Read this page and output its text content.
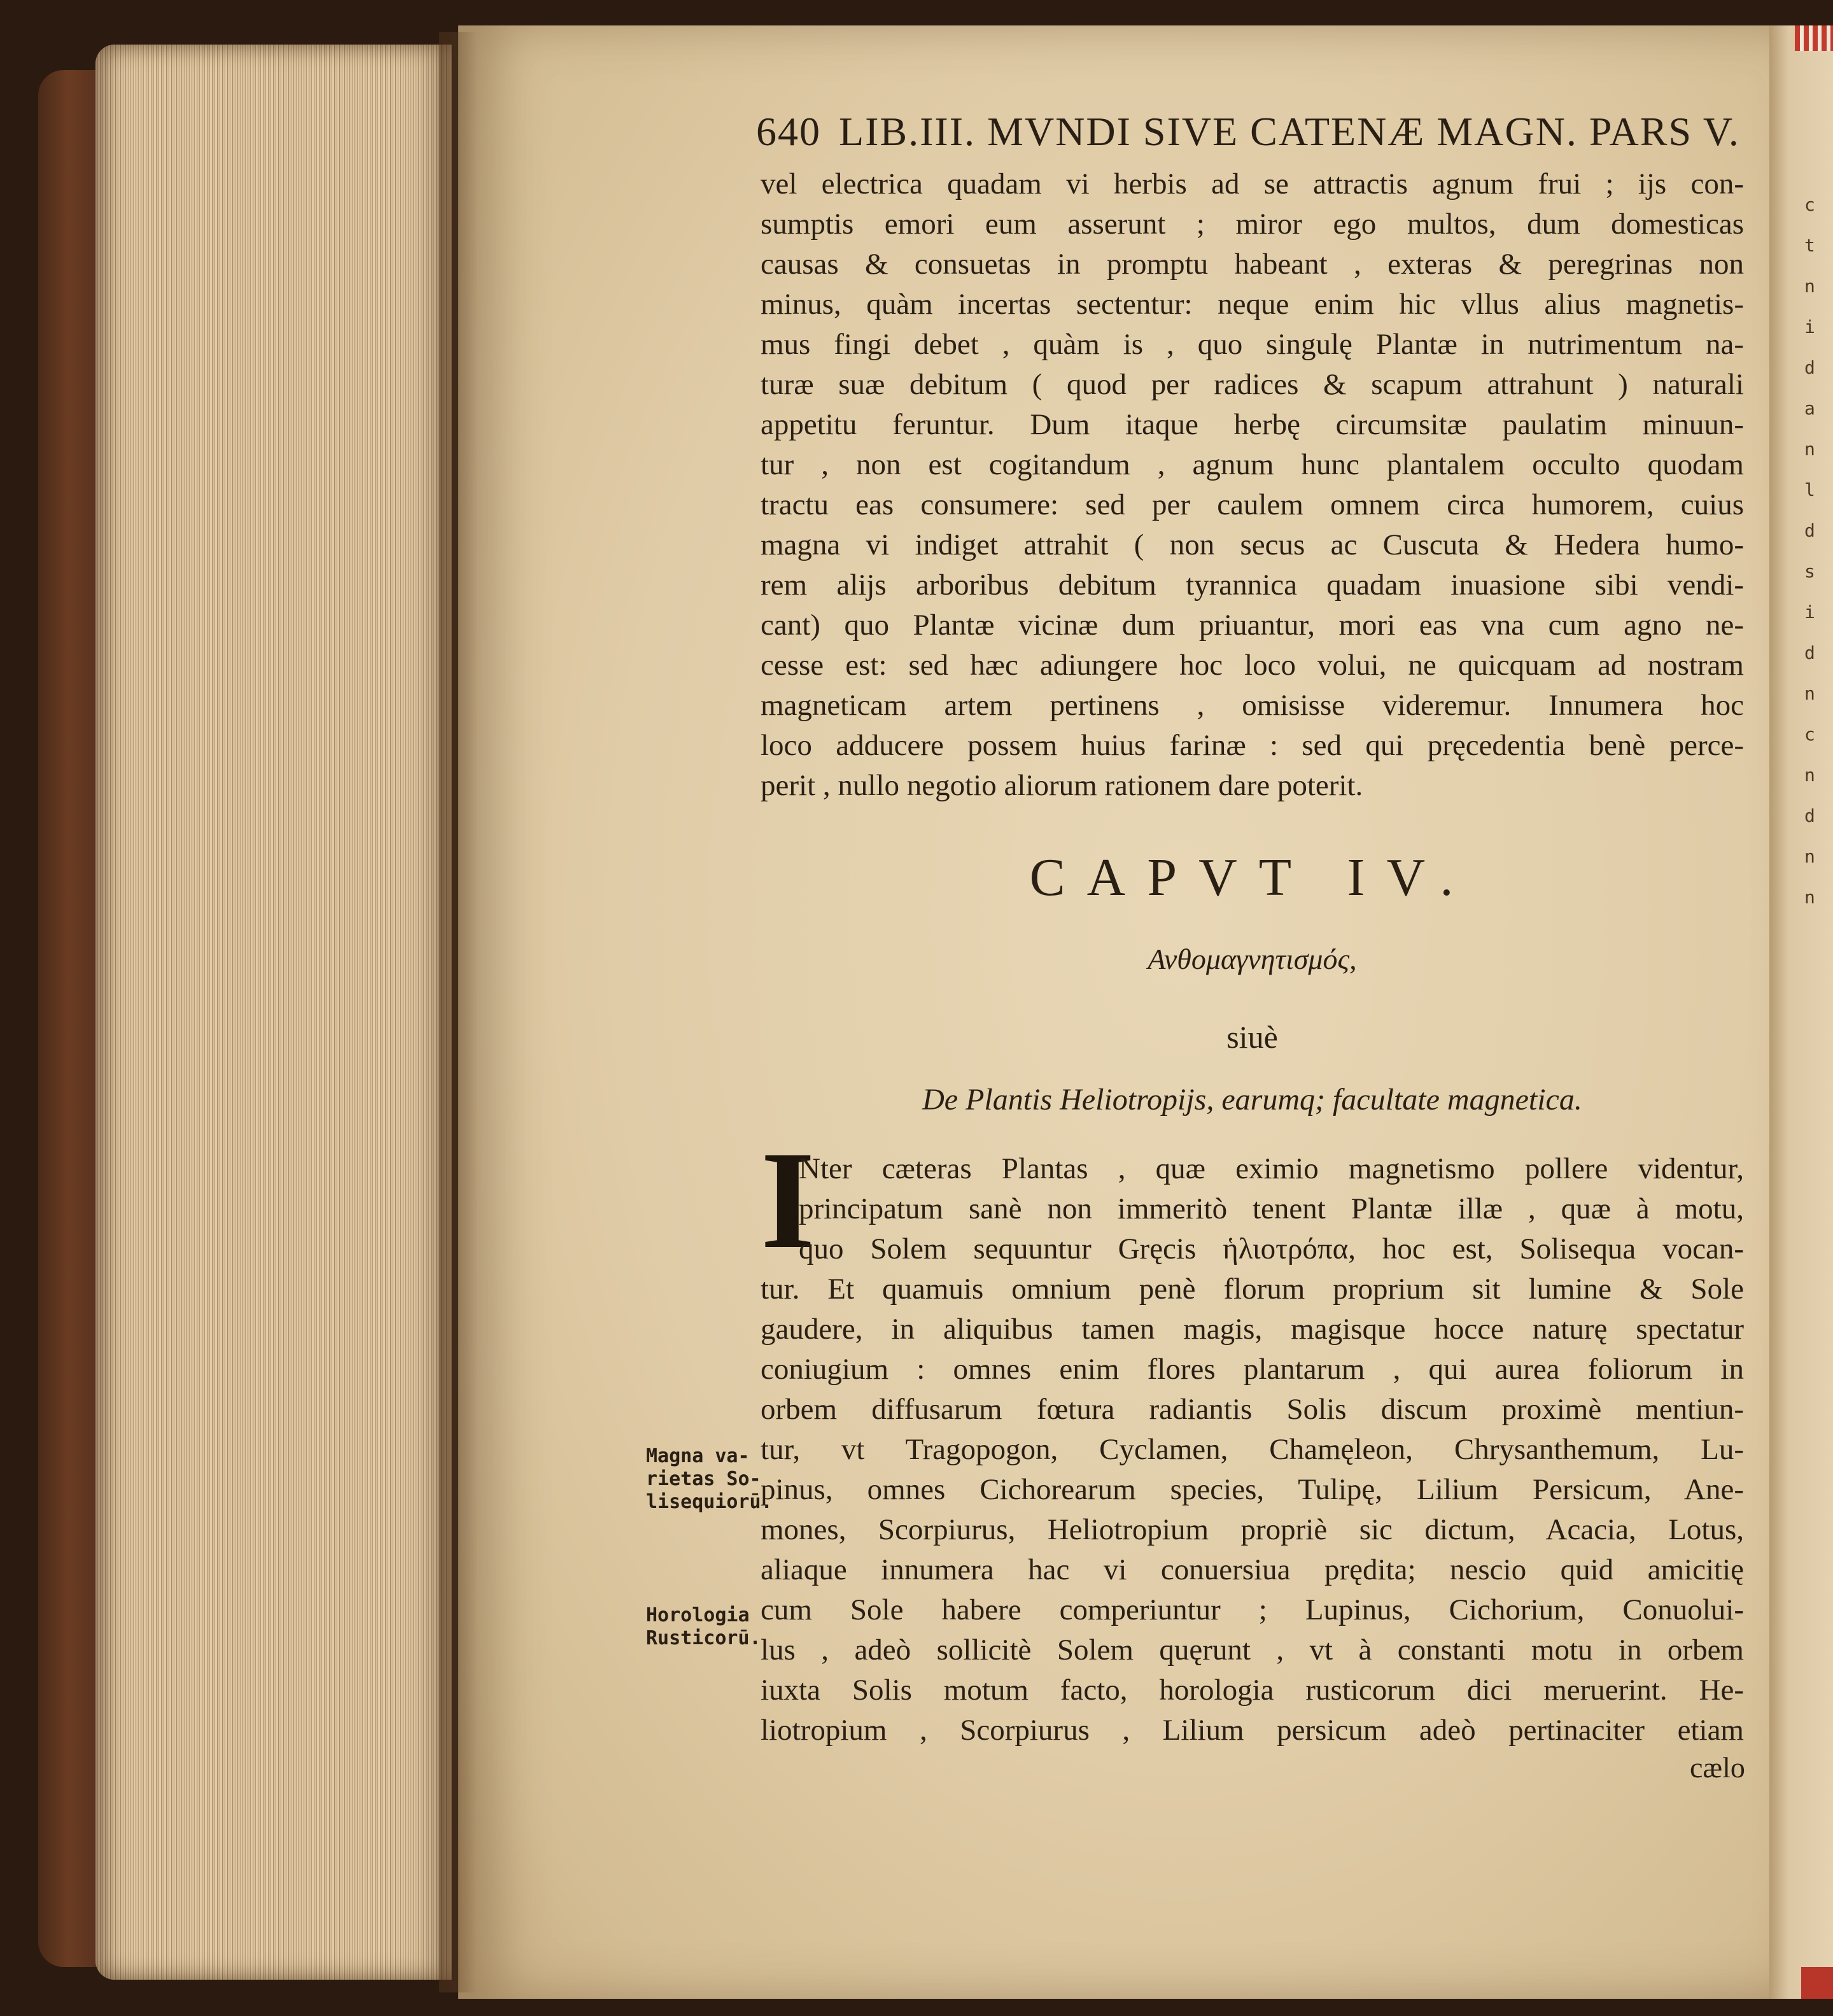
c
t
n
i
d
a
n
l
d
s
i
d
n
c
n
d
n
n

640 LIB.III. MVNDI SIVE CATENÆ MAGN. PARS V.

vel electrica quadam vi herbis ad se attractis agnum frui ; ijs con-
sumptis emori eum asserunt ; miror ego multos, dum domesticas
causas & consuetas in promptu habeant , exteras & peregrinas non
minus, quàm incertas sectentur: neque enim hic vllus alius magnetis-
mus fingi debet , quàm is , quo singulę Plantæ in nutrimentum na-
turæ suæ debitum ( quod per radices & scapum attrahunt ) naturali
appetitu feruntur. Dum itaque herbę circumsitæ paulatim minuun-
tur , non est cogitandum , agnum hunc plantalem occulto quodam
tractu eas consumere: sed per caulem omnem circa humorem, cuius
magna vi indiget attrahit ( non secus ac Cuscuta & Hedera humo-
rem alijs arboribus debitum tyrannica quadam inuasione sibi vendi-
cant) quo Plantæ vicinæ dum priuantur, mori eas vna cum agno ne-
cesse est: sed hæc adiungere hoc loco volui, ne quicquam ad nostram
magneticam artem pertinens , omisisse videremur. Innumera hoc
loco adducere possem huius farinæ : sed qui pręcedentia benè perce-
perit , nullo negotio aliorum rationem dare poterit.

CAPVT IV.

Ανθομαγνητισμός,

siuè

De Plantis Heliotropijs, earumq; facultate magnetica.

I

Nter cæteras Plantas , quæ eximio magnetismo pollere videntur,
principatum sanè non immeritò tenent Plantæ illæ , quæ à motu,
quo Solem sequuntur Gręcis ἡλιοτρόπα, hoc est, Solisequa vocan-
tur. Et quamuis omnium penè florum proprium sit lumine & Sole
gaudere, in aliquibus tamen magis, magisque hocce naturę spectatur
coniugium : omnes enim flores plantarum , qui aurea foliorum in
orbem diffusarum fœtura radiantis Solis discum proximè mentiun-
tur, vt Tragopogon, Cyclamen, Chamęleon, Chrysanthemum, Lu-
pinus, omnes Cichorearum species, Tulipę, Lilium Persicum, Ane-
mones, Scorpiurus, Heliotropium propriè sic dictum, Acacia, Lotus,
aliaque innumera hac vi conuersiua prędita; nescio quid amicitię
cum Sole habere comperiuntur ; Lupinus, Cichorium, Conuolui-
lus , adeò sollicitè Solem quęrunt , vt à constanti motu in orbem
iuxta Solis motum facto, horologia rusticorum dici meruerint. He-
liotropium , Scorpiurus , Lilium persicum adeò pertinaciter etiam
Magna va-
rietas So-
lisequiorū.
Horologia
Rusticorū.

cælo
